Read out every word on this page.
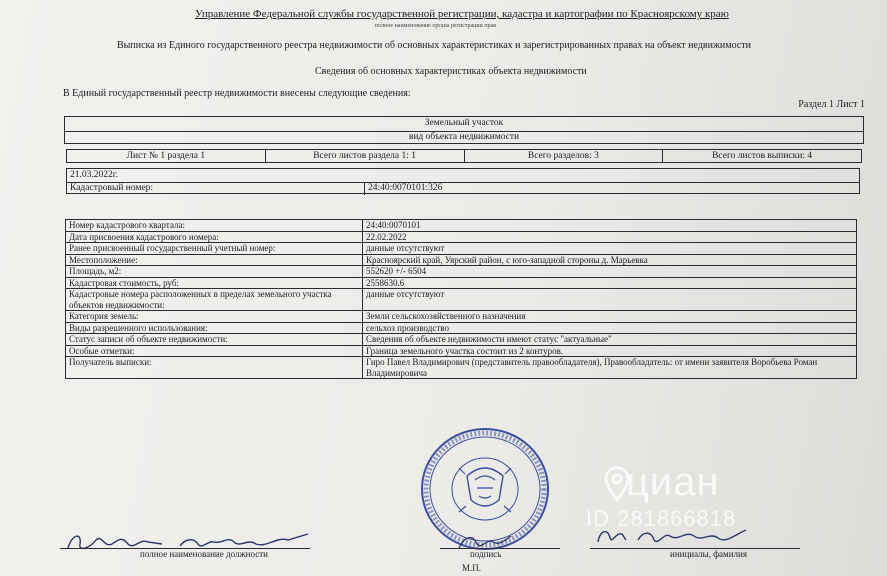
Управление Федеральной службы государственной регистрации, кадастра и картографии по Красноярскому краю
полное наименование органа регистрации прав
Выписка из Единого государственного реестра недвижимости об основных характеристиках и зарегистрированных правах на объект недвижимости
Сведения об основных характеристиках объекта недвижимости
В Единый государственный реестр недвижимости внесены следующие сведения:
Раздел 1 Лист 1
Земельный участок
вид объекта недвижимости
Лист № 1 раздела 1	Всего листов раздела 1: 1	Всего разделов: 3	Всего листов выписки: 4
21.03.2022г.
Кадастровый номер:	24:40:0070101:326
Номер кадастрового квартала:	24:40:0070101
Дата присвоения кадастрового номера:	22.02.2022
Ранее присвоенный государственный учетный номер:	данные отсутствуют
Местоположение:	Красноярский край, Уярский район, с юго-западной стороны д. Марьевка
Площадь, м2:	552620 +/- 6504
Кадастровая стоимость, руб:	2558630.6
Кадастровые номера расположенных в пределах земельного участка объектов недвижимости:
данные отсутствуют
Категория земель:	Земли сельскохозяйственного назначения
Виды разрешенного использования:	сельхоз производство
Статус записи об объекте недвижимости:	Сведения об объекте недвижимости имеют статус "актуальные"
Особые отметки:	Граница земельного участка состоит из 2 контуров.
Получатель выписки:	Гиро Павел Владимирович (представитель правообладателя), Правообладатель: от имени заявителя Воробьева Роман Владимировича
полное наименование должности	подпись	инициалы, фамилия
М.П.
циан
ID 281866818
